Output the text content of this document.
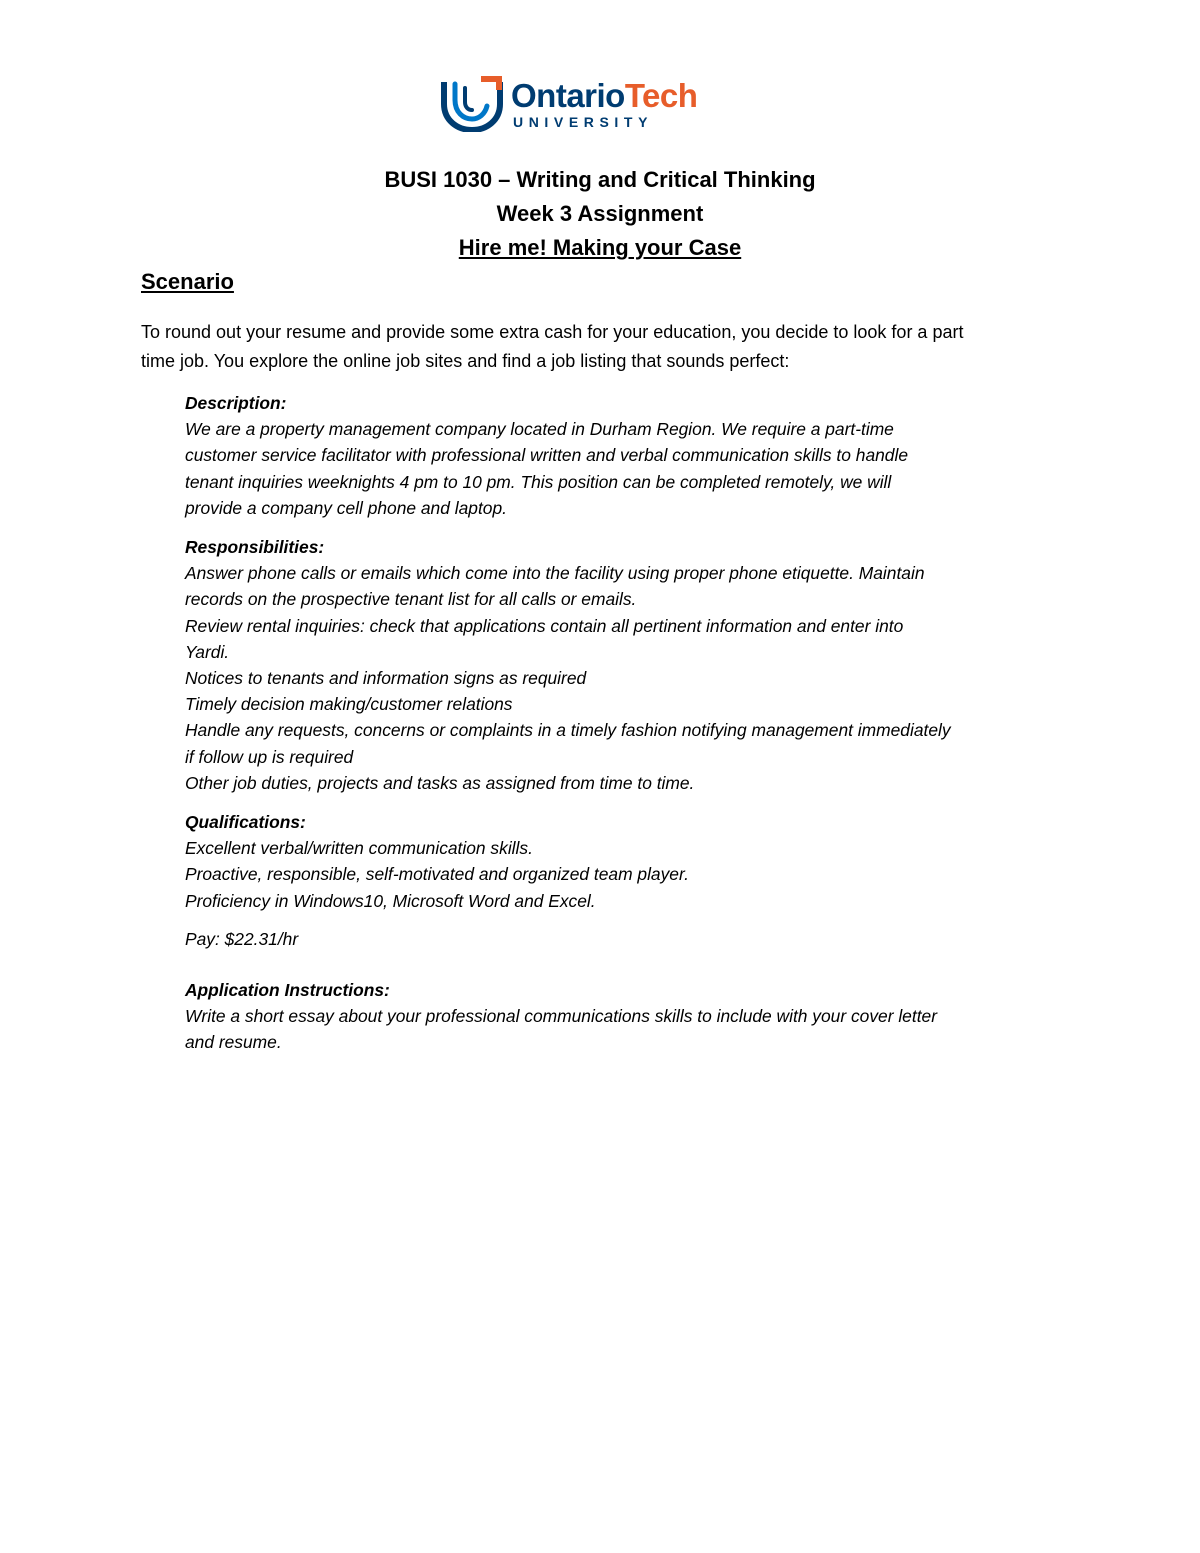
OntarioTech
UNIVERSITY
BUSI 1030 – Writing and Critical Thinking
Week 3 Assignment
Hire me! Making your Case
Scenario
To round out your resume and provide some extra cash for your education, you decide to look for a part
time job. You explore the online job sites and find a job listing that sounds perfect:
Description:
We are a property management company located in Durham Region. We require a part-time
customer service facilitator with professional written and verbal communication skills to handle
tenant inquiries weeknights 4 pm to 10 pm. This position can be completed remotely, we will
provide a company cell phone and laptop.
Responsibilities:
Answer phone calls or emails which come into the facility using proper phone etiquette. Maintain
records on the prospective tenant list for all calls or emails.
Review rental inquiries: check that applications contain all pertinent information and enter into
Yardi.
Notices to tenants and information signs as required
Timely decision making/customer relations
Handle any requests, concerns or complaints in a timely fashion notifying management immediately
if follow up is required
Other job duties, projects and tasks as assigned from time to time.
Qualifications:
Excellent verbal/written communication skills.
Proactive, responsible, self-motivated and organized team player.
Proficiency in Windows10, Microsoft Word and Excel.
Pay: $22.31/hr
Application Instructions:
Write a short essay about your professional communications skills to include with your cover letter
and resume.
